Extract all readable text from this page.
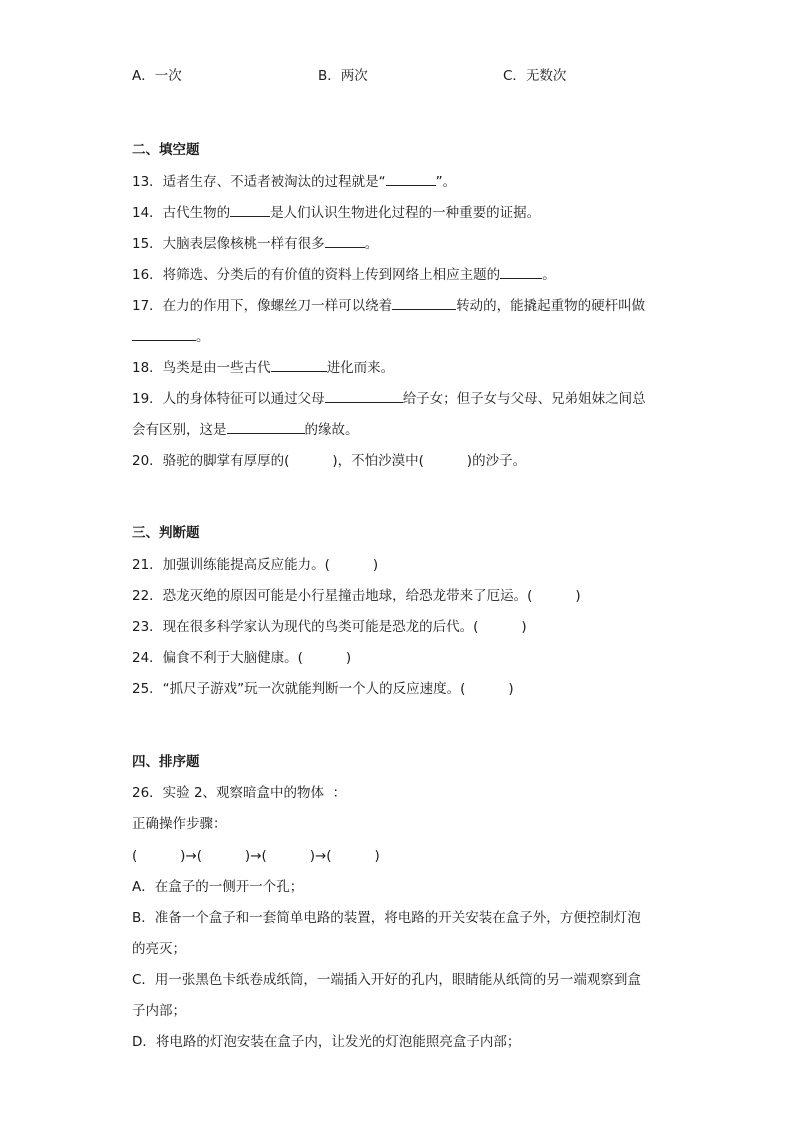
A．一次	B．两次	C．无数次
二、填空题
13．适者生存、不适者被淘汰的过程就是“	”。
14．古代生物的	是人们认识生物进化过程的一种重要的证据。
15．大脑表层像核桃一样有很多	。
16．将筛选、分类后的有价值的资料上传到网络上相应主题的	。
17．在力的作用下，像螺丝刀一样可以绕着	转动的，能撬起重物的硬杆叫做
。
18．鸟类是由一些古代	进化而来。
19．人的身体特征可以通过父母	给子女；但子女与父母、兄弟姐妹之间总
会有区别，这是	的缘故。
20．骆驼的脚掌有厚厚的(          )，不怕沙漠中(          )的沙子。
三、判断题
21．加强训练能提高反应能力。(          )
22．恐龙灭绝的原因可能是小行星撞击地球，给恐龙带来了厄运。(          )
23．现在很多科学家认为现代的鸟类可能是恐龙的后代。(          )
24．偏食不利于大脑健康。(          )
25．“抓尺子游戏”玩一次就能判断一个人的反应速度。(          )
四、排序题
26．实验 2、观察暗盒中的物体  ：
正确操作步骤：
(          )→(          )→(          )→(          )
A．在盒子的一侧开一个孔；
B．准备一个盒子和一套简单电路的装置，将电路的开关安装在盒子外，方便控制灯泡
的亮灭；
C．用一张黑色卡纸卷成纸筒，一端插入开好的孔内，眼睛能从纸筒的另一端观察到盒
子内部；
D．将电路的灯泡安装在盒子内，让发光的灯泡能照亮盒子内部；
